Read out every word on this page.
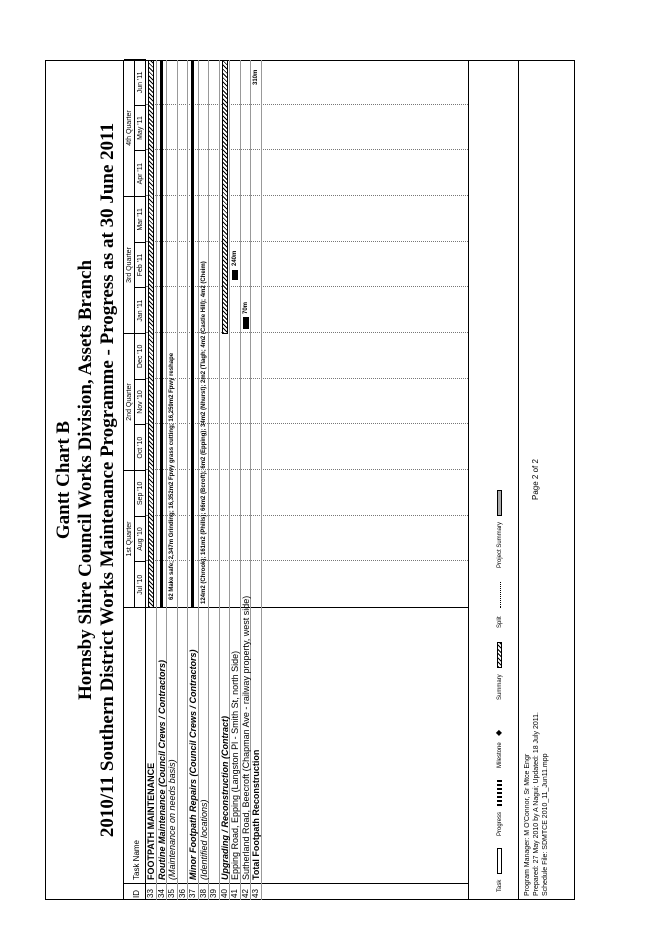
Gantt Chart B Hornsby Shire Council Works Division, Assets Branch 2010/11 Southern District Works Maintenance Programme - Progress as at 30 June 2011
ID
Task Name
1st Quarter
2nd Quarter
3rd Quarter
4th Quarter
Jul '10
Aug '10
Sep '10
Oct '10
Nov '10
Dec '10
Jan '11
Feb '11
Mar '11
Apr '11
May '11
Jun '11
33
FOOTPATH MAINTENANCE
34
Routine Maintenance (Council Crews / Contractors)
35
(Maintenance on needs basis)
62 Make safe; 2,347m Grinding; 16,352m2 Fpwy grass cutting; 16,259m2 Fpwy reshape
36 37
Minor Footpath Repairs (Council Crews / Contractors)
38
(Identified locations)
124m2 (Chrook); 161m2 (Phills); 66m2 (Bcroft); 6m2 (Epping); 34m2 (Nhurst); 2m2 (Tlagh; 4m2 (Castle Hill); 4m2 (Cheim)
39 40
Upgrading / Reconstruction (Contract)
41
Epping Road, Epping (Langston Pl - Smith St, north Side)
240m
42
Sutherland Road, Beecroft (Chapman Ave - railway property, west side)
70m
43
Total Footpath Reconstruction
310m
Task
Progress
Milestone
◆
Summary
Split
Project Summary
Program Manager: M O'Connor, Sr Mtce Engr Prepared: 27 May 2010 by A Nagui; Updated: 18 July 2011. Schedule File: SDMTCE 2010_11_Jun11.mpp
Page 2 of 2
